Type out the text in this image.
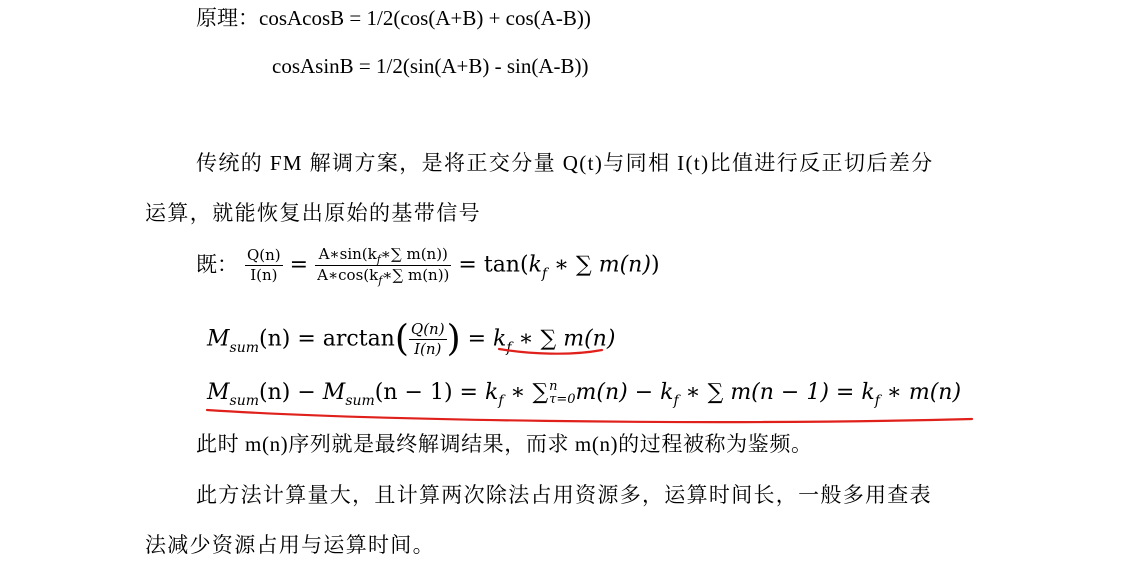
原理：cosAcosB = 1/2(cos(A+B) + cos(A-B))
cosAsinB = 1/2(sin(A+B) - sin(A-B))
传统的 FM 解调方案，是将正交分量 Q(t)与同相 I(t)比值进行反正切后差分
运算，就能恢复出原始的基带信号
既： $\frac{Q(n)}{I(n)} = \frac{A∗\sin(k_f∗\sum m(n))}{A∗\cos(k_f∗\sum m(n))} = \tan(k_f$ ∗ ∑ m(n))
$M_{sum}(n) = \arctan( \frac{Q(n)}{I(n)}$ ) = $k_f$ ∗ ∑ m(n)
$M_{sum}(n) - M_{sum}(n - 1) = k_f$ ∗ ∑ n
τ=0 $m(n) - k_f$ ∗ ∑ $m(n - 1) = k_f$ ∗ m(n)
此时 m(n)序列就是最终解调结果，而求 m(n)的过程被称为鉴频。
此方法计算量大，且计算两次除法占用资源多，运算时间长，一般多用查表
法减少资源占用与运算时间。
